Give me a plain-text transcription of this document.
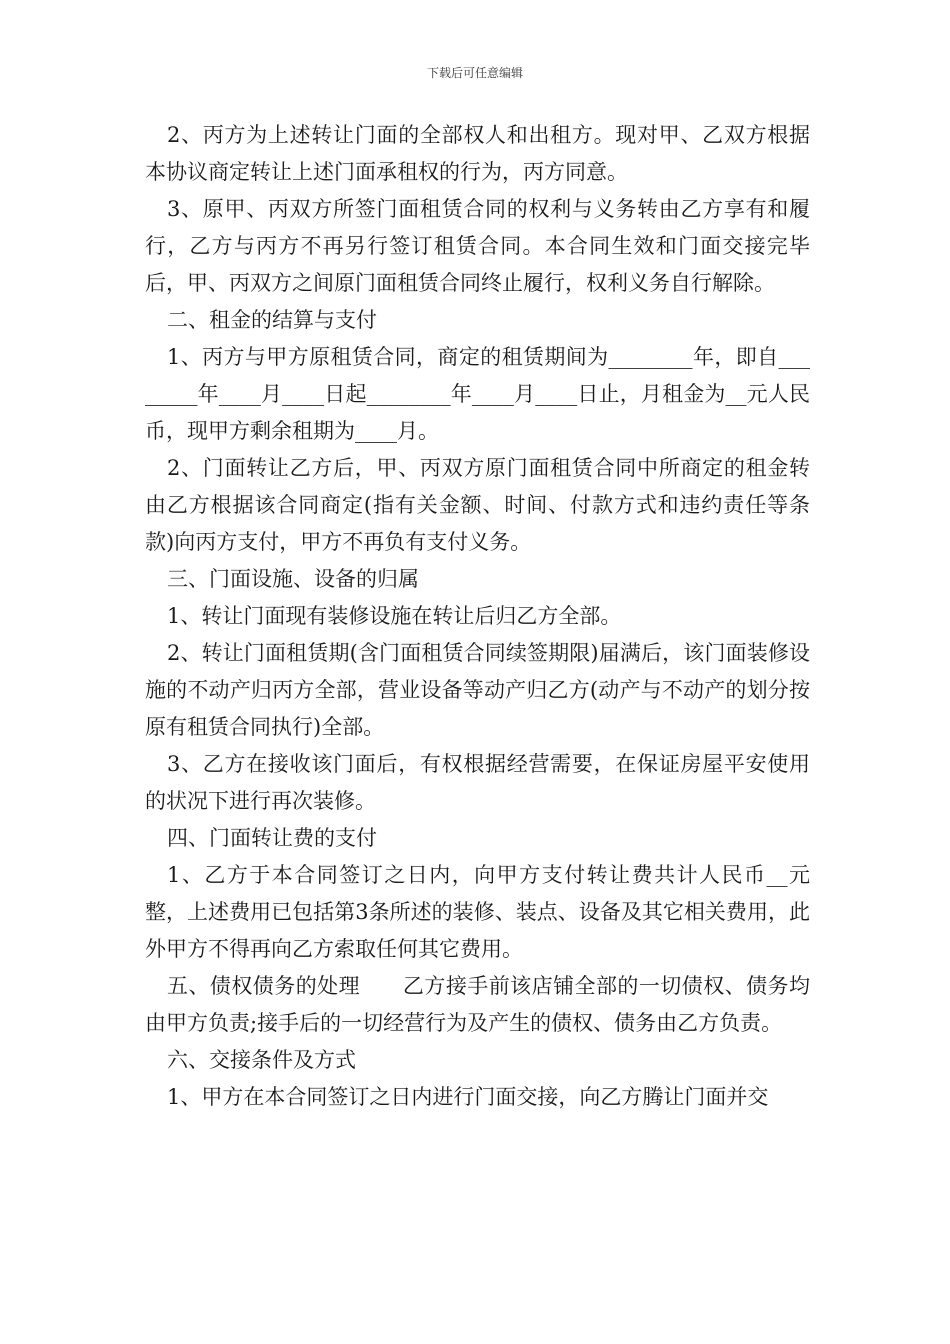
下载后可任意编辑

2、丙方为上述转让门面的全部权人和出租方。现对甲、乙双方根据本协议商定转让上述门面承租权的行为，丙方同意。

3、原甲、丙双方所签门面租赁合同的权利与义务转由乙方享有和履行，乙方与丙方不再另行签订租赁合同。本合同生效和门面交接完毕后，甲、丙双方之间原门面租赁合同终止履行，权利义务自行解除。

二、租金的结算与支付

1、丙方与甲方原租赁合同，商定的租赁期间为________年，即自________年____月____日起________年____月____日止，月租金为__元人民币，现甲方剩余租期为____月。

2、门面转让乙方后，甲、丙双方原门面租赁合同中所商定的租金转由乙方根据该合同商定(指有关金额、时间、付款方式和违约责任等条款)向丙方支付，甲方不再负有支付义务。

三、门面设施、设备的归属

1、转让门面现有装修设施在转让后归乙方全部。

2、转让门面租赁期(含门面租赁合同续签期限)届满后，该门面装修设施的不动产归丙方全部，营业设备等动产归乙方(动产与不动产的划分按原有租赁合同执行)全部。

3、乙方在接收该门面后，有权根据经营需要，在保证房屋平安使用的状况下进行再次装修。

四、门面转让费的支付

1、乙方于本合同签订之日内，向甲方支付转让费共计人民币__元整，上述费用已包括第3条所述的装修、装点、设备及其它相关费用，此外甲方不得再向乙方索取任何其它费用。

五、债权债务的处理　　乙方接手前该店铺全部的一切债权、债务均由甲方负责;接手后的一切经营行为及产生的债权、债务由乙方负责。

六、交接条件及方式

1、甲方在本合同签订之日内进行门面交接，向乙方腾让门面并交
